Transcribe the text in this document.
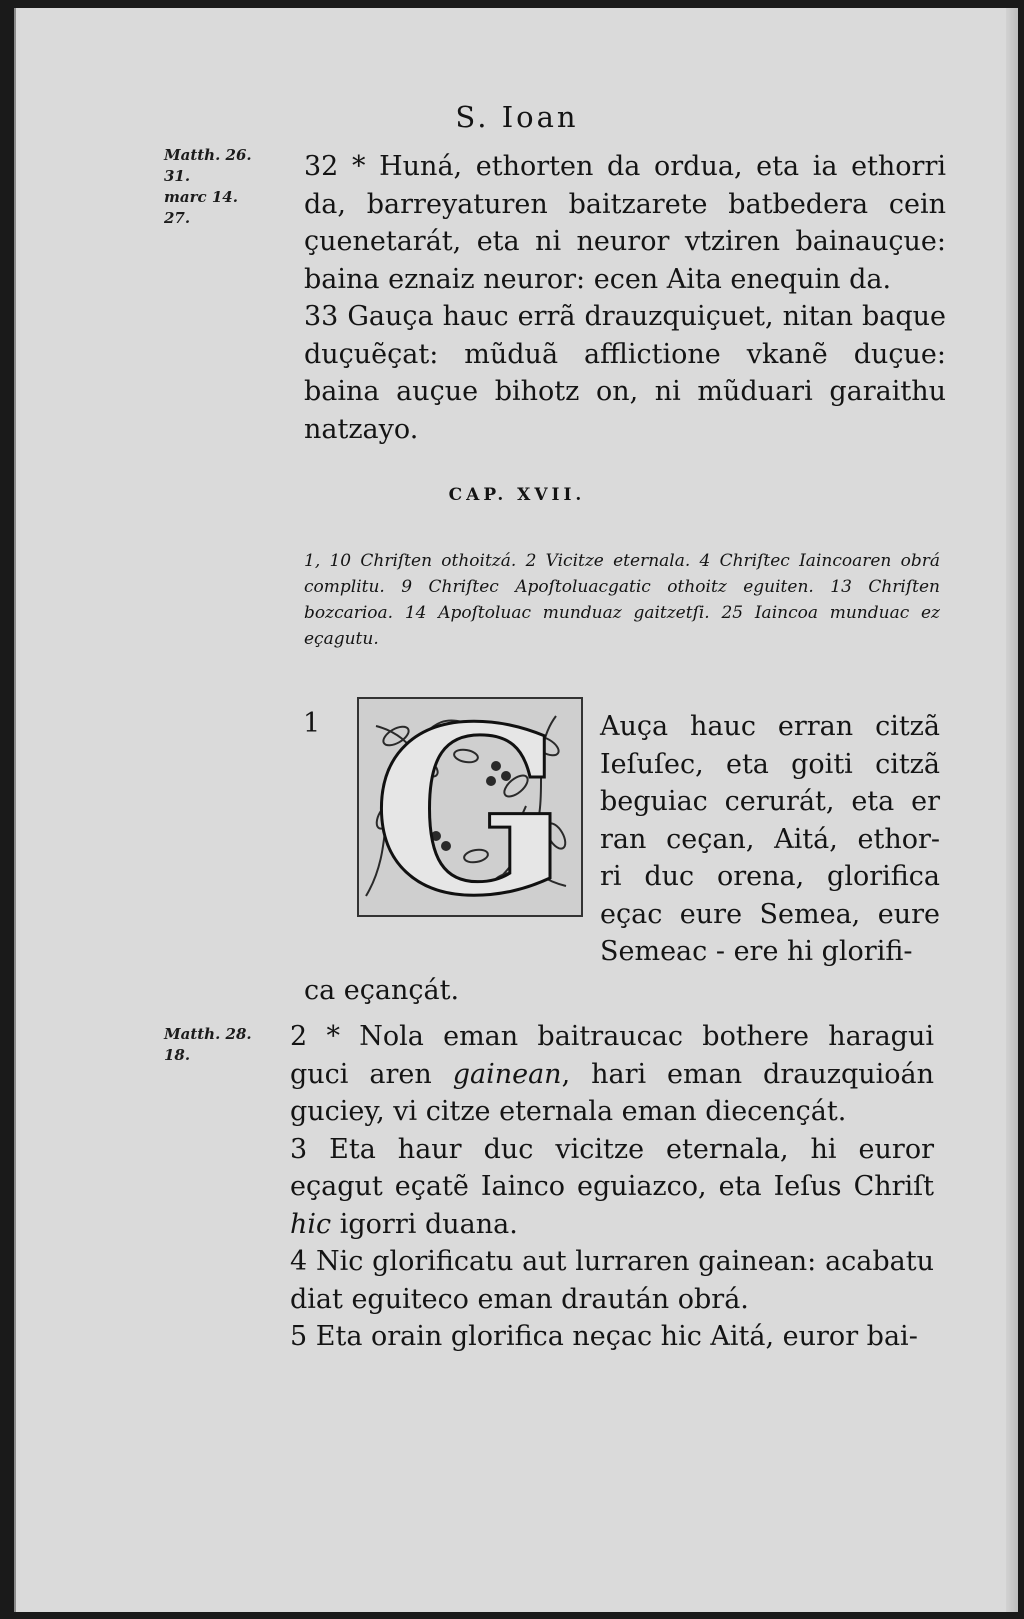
S. Ioan
Matth. 26.
31.
marc 14.
27.

32 * Huná, ethorten da ordua, eta ia ethorri da, barreyaturen baitzarete batbedera cein çuenetarát, eta ni neuror vtziren bainauçue: baina eznaiz neuror: ecen Aita enequin da.

33 Gauça hauc errã drauzquiçuet, nitan baque duçuẽçat: mũduã afflictione vkanẽ duçue: baina auçue bihotz on, ni mũduari garaithu natzayo.

CAP. XVII.
1, 10 Chriſten othoitzá. 2 Vicitze eternala. 4 Chriſtec Iaincoaren obrá complitu. 9 Chriſtec Apoſtoluacgatic othoitz eguiten. 13 Chriſten bozcarioa. 14 Apoſtoluac munduaz gaitzetſi. 25 Iaincoa munduac ez eçagutu.
1 G Auça hauc erran citzã
Ieſuſec, eta goiti citzã
beguiac cerurát, eta er
ran ceçan, Aitá, ethor-
ri duc orena, glorifica
eçac eure Semea, eure
Semeac - ere hi glorifi-
ca eçançát.
Matth. 28.
18.

2 * Nola eman baitraucac bothere haragui guci aren gainean, hari eman drauzquioán guciey, vi citze eternala eman diecençát.

3 Eta haur duc vicitze eternala, hi euror eçagut eçatẽ Iainco eguiazco, eta Ieſus Chriſt hic igorri duana.

4 Nic glorificatu aut lurraren gainean: acabatu diat eguiteco eman draután obrá.

5 Eta orain glorifica neçac hic Aitá, euror bai-
